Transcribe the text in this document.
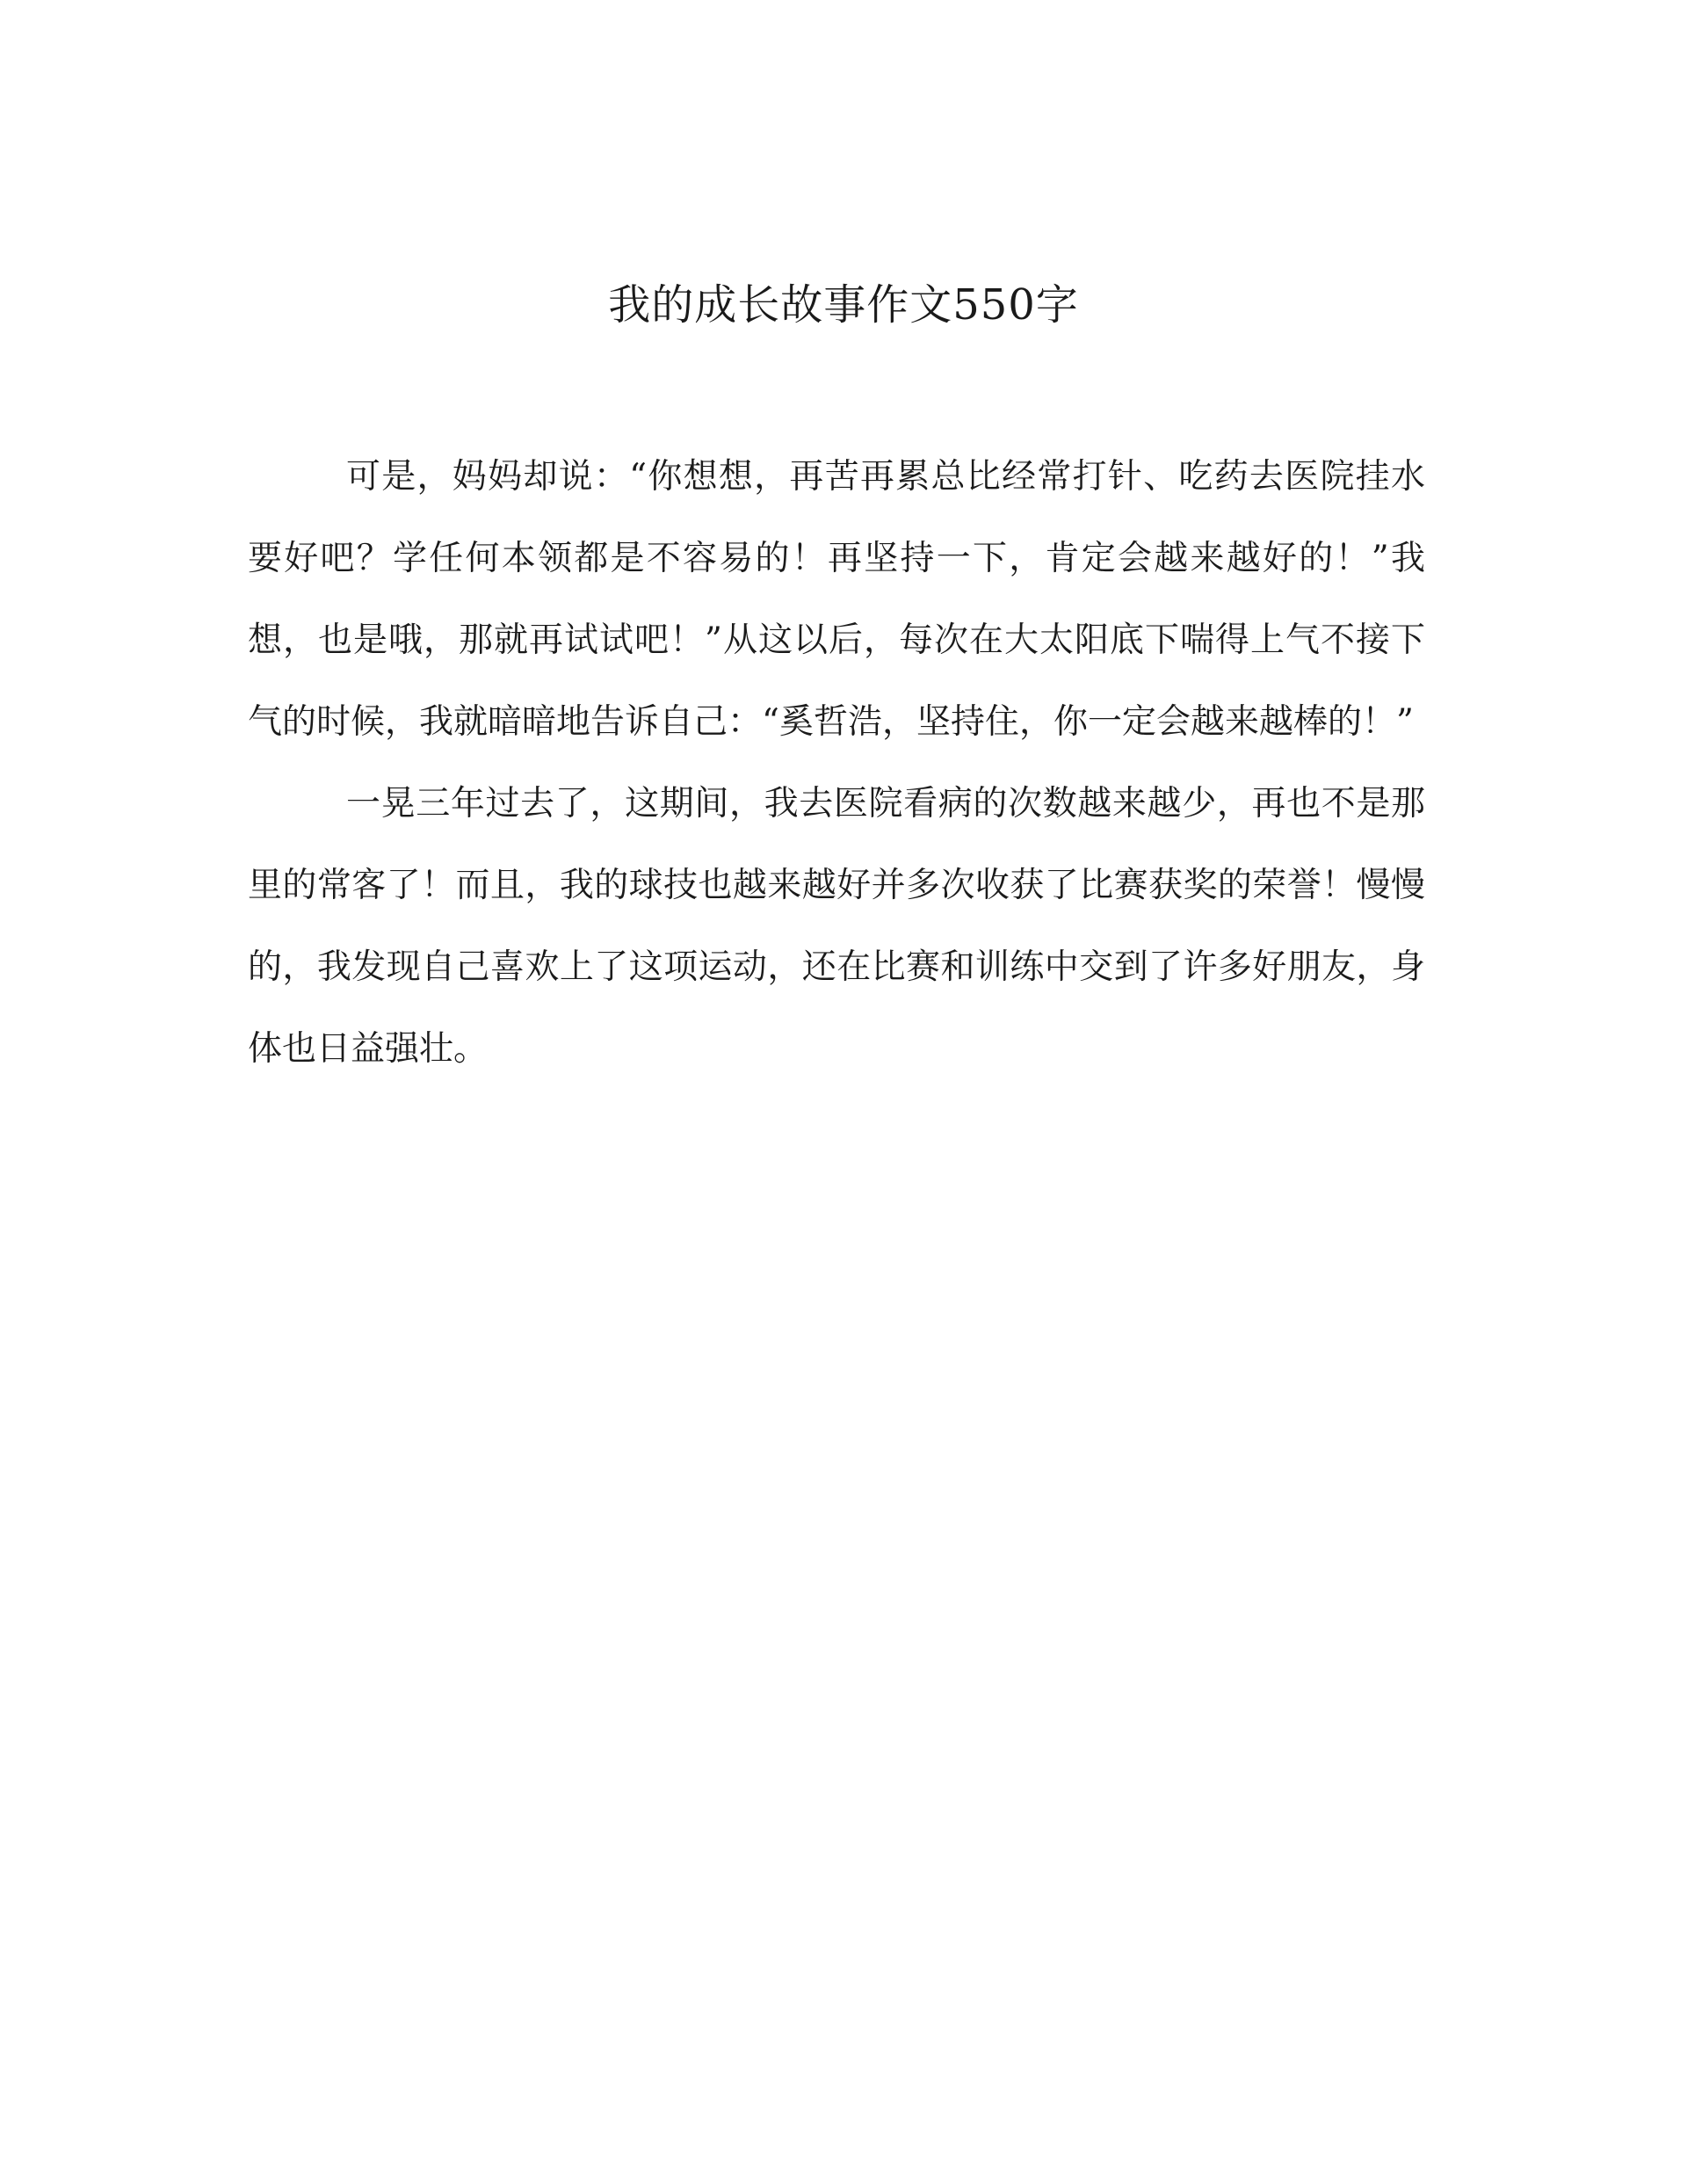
我的成长故事作文550字

可是，妈妈却说：“你想想，再苦再累总比经常打针、吃药去医院挂水要好吧？学任何本领都是不容易的！再坚持一下，肯定会越来越好的！”我想，也是哦，那就再试试吧！”从这以后，每次在大太阳底下喘得上气不接下气的时候，我就暗暗地告诉自己：“奚哲浩，坚持住，你一定会越来越棒的！”

一晃三年过去了，这期间，我去医院看病的次数越来越少，再也不是那里的常客了！而且，我的球技也越来越好并多次收获了比赛获奖的荣誉！慢慢的，我发现自己喜欢上了这项运动，还在比赛和训练中交到了许多好朋友，身体也日益强壮。
